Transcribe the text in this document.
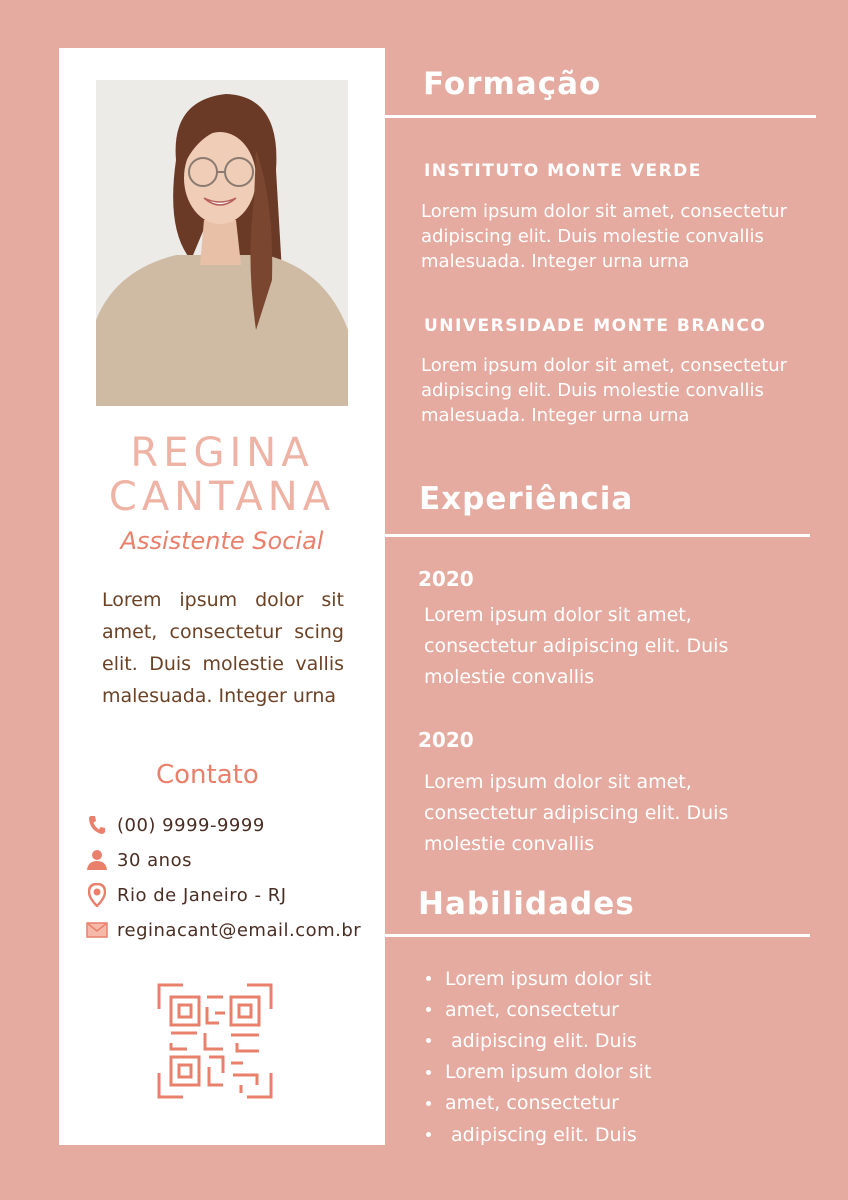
REGINA
CANTANA
Assistente Social
Lorem ipsum dolor sit amet, consectetur scing elit. Duis molestie vallis malesuada. Integer urna
Contato
(00) 9999-9999
30 anos
Rio de Janeiro - RJ
reginacant@email.com.br
Formação
INSTITUTO MONTE VERDE
Lorem ipsum dolor sit amet, consectetur adipiscing elit. Duis molestie convallis malesuada. Integer urna urna
UNIVERSIDADE MONTE BRANCO
Lorem ipsum dolor sit amet, consectetur adipiscing elit. Duis molestie convallis malesuada. Integer urna urna
Experiência
2020
Lorem ipsum dolor sit amet, consectetur adipiscing elit. Duis molestie convallis
2020
Lorem ipsum dolor sit amet, consectetur adipiscing elit. Duis molestie convallis
Habilidades
Lorem ipsum dolor sit
amet, consectetur
adipiscing elit. Duis
Lorem ipsum dolor sit
amet, consectetur
adipiscing elit. Duis
